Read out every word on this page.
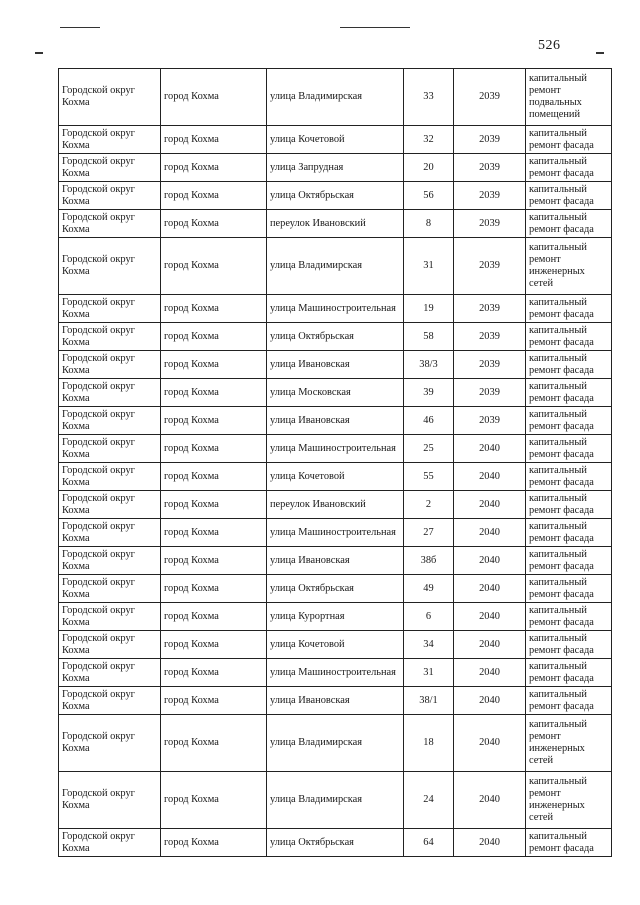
526
Городской округ Кохма	город Кохма	улица Владимирская	33	2039	капитальный ремонт подвальных помещений
Городской округ Кохма	город Кохма	улица Кочетовой	32	2039	капитальный ремонт фасада
Городской округ Кохма	город Кохма	улица Запрудная	20	2039	капитальный ремонт фасада
Городской округ Кохма	город Кохма	улица Октябрьская	56	2039	капитальный ремонт фасада
Городской округ Кохма	город Кохма	переулок Ивановский	8	2039	капитальный ремонт фасада
Городской округ Кохма	город Кохма	улица Владимирская	31	2039	капитальный ремонт инженерных сетей
Городской округ Кохма	город Кохма	улица Машиностроительная	19	2039	капитальный ремонт фасада
Городской округ Кохма	город Кохма	улица Октябрьская	58	2039	капитальный ремонт фасада
Городской округ Кохма	город Кохма	улица Ивановская	38/3	2039	капитальный ремонт фасада
Городской округ Кохма	город Кохма	улица Московская	39	2039	капитальный ремонт фасада
Городской округ Кохма	город Кохма	улица Ивановская	46	2039	капитальный ремонт фасада
Городской округ Кохма	город Кохма	улица Машиностроительная	25	2040	капитальный ремонт фасада
Городской округ Кохма	город Кохма	улица Кочетовой	55	2040	капитальный ремонт фасада
Городской округ Кохма	город Кохма	переулок Ивановский	2	2040	капитальный ремонт фасада
Городской округ Кохма	город Кохма	улица Машиностроительная	27	2040	капитальный ремонт фасада
Городской округ Кохма	город Кохма	улица Ивановская	38б	2040	капитальный ремонт фасада
Городской округ Кохма	город Кохма	улица Октябрьская	49	2040	капитальный ремонт фасада
Городской округ Кохма	город Кохма	улица Курортная	6	2040	капитальный ремонт фасада
Городской округ Кохма	город Кохма	улица Кочетовой	34	2040	капитальный ремонт фасада
Городской округ Кохма	город Кохма	улица Машиностроительная	31	2040	капитальный ремонт фасада
Городской округ Кохма	город Кохма	улица Ивановская	38/1	2040	капитальный ремонт фасада
Городской округ Кохма	город Кохма	улица Владимирская	18	2040	капитальный ремонт инженерных сетей
Городской округ Кохма	город Кохма	улица Владимирская	24	2040	капитальный ремонт инженерных сетей
Городской округ Кохма	город Кохма	улица Октябрьская	64	2040	капитальный ремонт фасада
